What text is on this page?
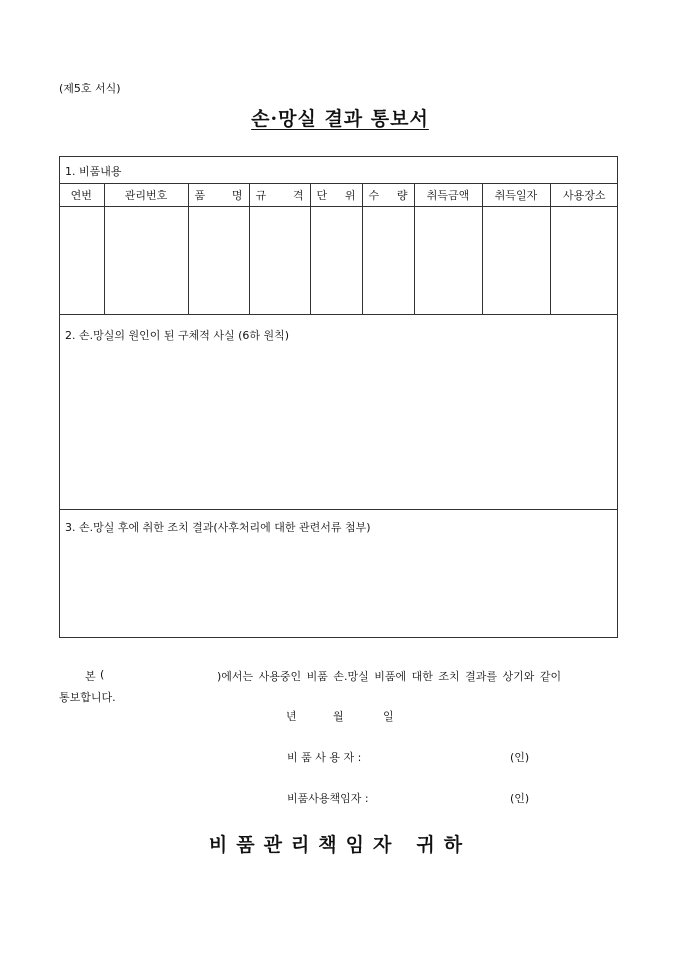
(제5호 서식)
손·망실 결과 통보서
1. 비품내용
연번	관리번호	품 명	규 격	단 위	수 량	취득금액	취득일자	사용장소

2. 손.망실의 원인이 된 구체적 사실 (6하 원칙)
3. 손.망실 후에 취한 조치 결과(사후처리에 대한 관련서류 첨부)
본 (	)에서는 사용중인 비품 손.망실 비품에 대한 조치 결과를 상기와 같이
통보합니다.
년	월	일
비 품 사 용 자 :	(인)
비품사용책임자 :	(인)
비품관리책임자 귀하
